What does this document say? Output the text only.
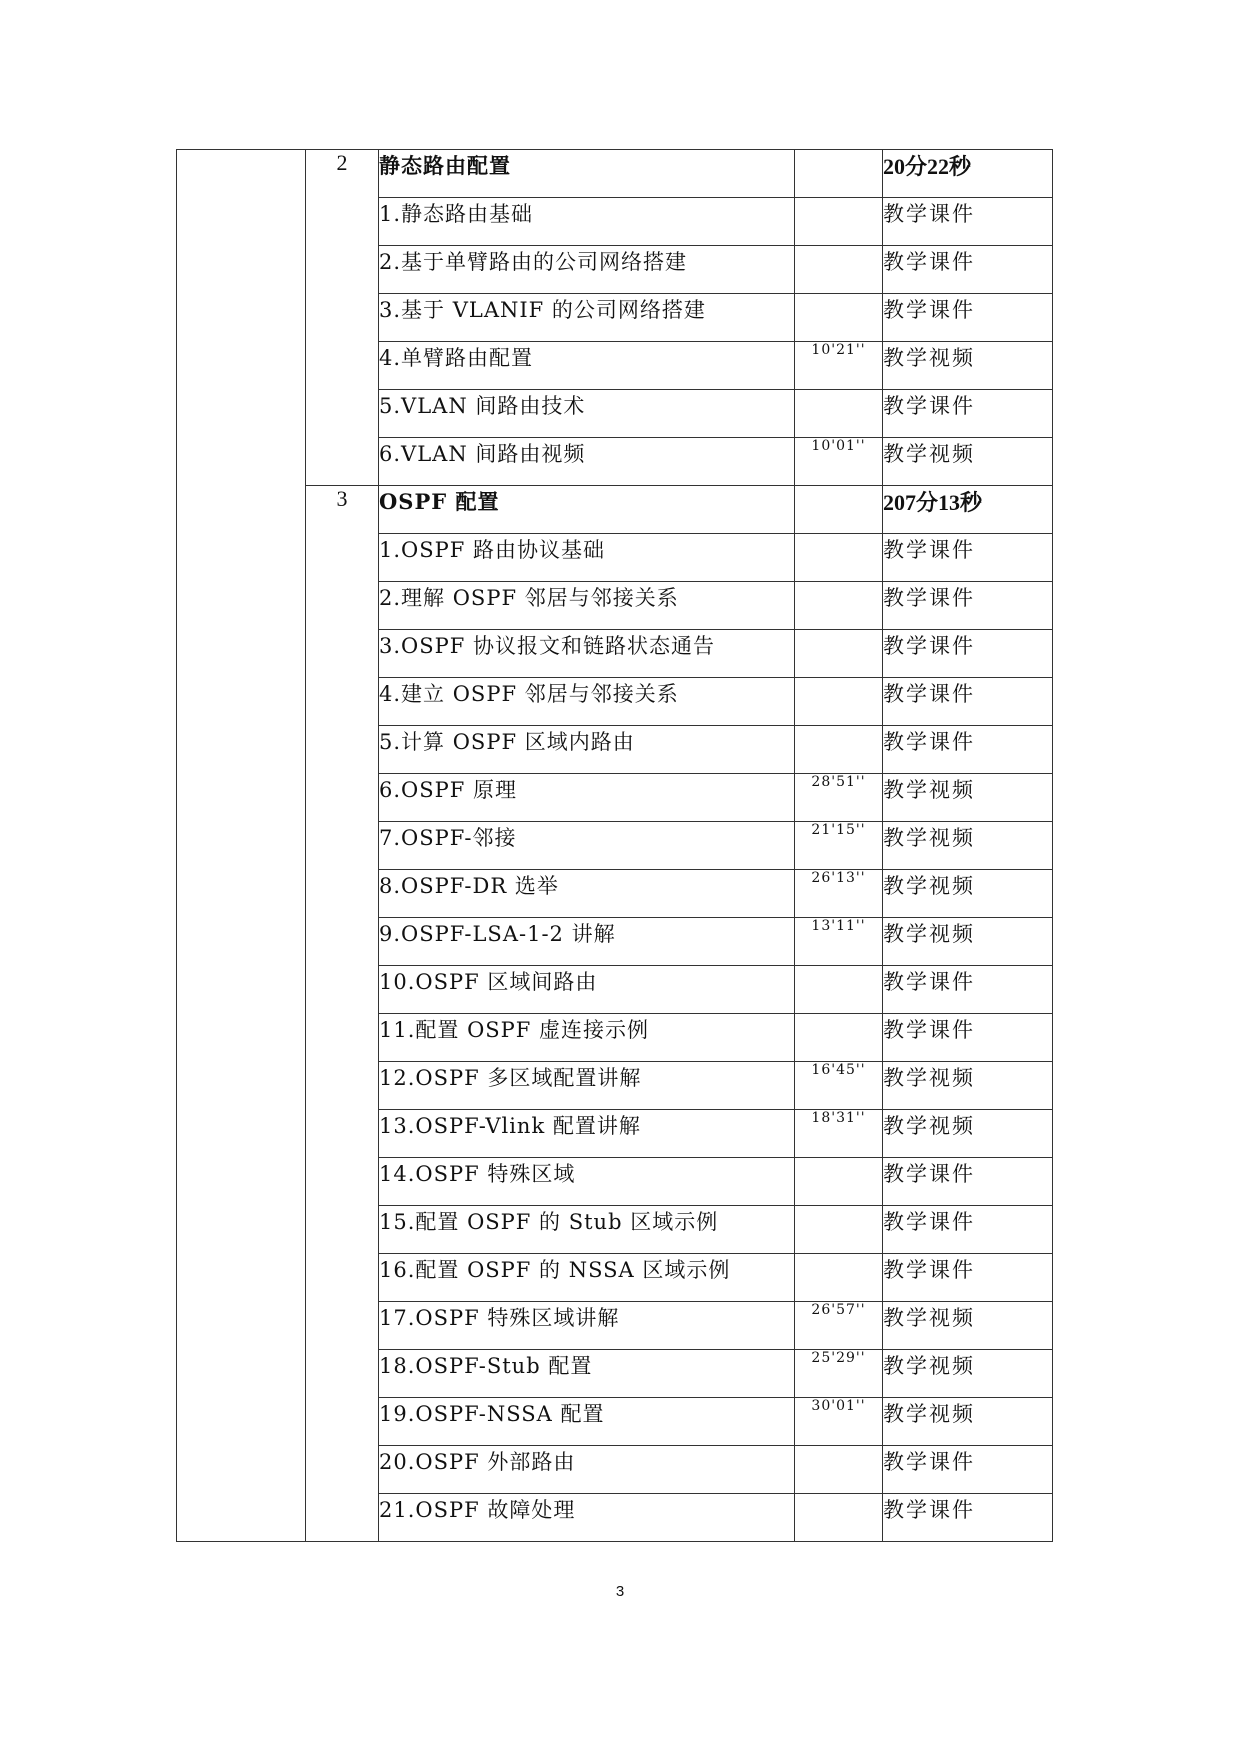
	2	静态路由配置		20分22秒
		1.静态路由基础		教学课件
		2.基于单臂路由的公司网络搭建		教学课件
		3.基于 VLANIF 的公司网络搭建		教学课件
		4.单臂路由配置	10'21''	教学视频
		5.VLAN 间路由技术		教学课件
		6.VLAN 间路由视频	10'01''	教学视频
	3	OSPF 配置		207分13秒
		1.OSPF 路由协议基础		教学课件
		2.理解 OSPF 邻居与邻接关系		教学课件
		3.OSPF 协议报文和链路状态通告		教学课件
		4.建立 OSPF 邻居与邻接关系		教学课件
		5.计算 OSPF 区域内路由		教学课件
		6.OSPF 原理	28'51''	教学视频
		7.OSPF-邻接	21'15''	教学视频
		8.OSPF-DR 选举	26'13''	教学视频
		9.OSPF-LSA-1-2 讲解	13'11''	教学视频
		10.OSPF 区域间路由		教学课件
		11.配置 OSPF 虚连接示例		教学课件
		12.OSPF 多区域配置讲解	16'45''	教学视频
		13.OSPF-Vlink 配置讲解	18'31''	教学视频
		14.OSPF 特殊区域		教学课件
		15.配置 OSPF 的 Stub 区域示例		教学课件
		16.配置 OSPF 的 NSSA 区域示例		教学课件
		17.OSPF 特殊区域讲解	26'57''	教学视频
		18.OSPF-Stub 配置	25'29''	教学视频
		19.OSPF-NSSA 配置	30'01''	教学视频
		20.OSPF 外部路由		教学课件
		21.OSPF 故障处理		教学课件
3
